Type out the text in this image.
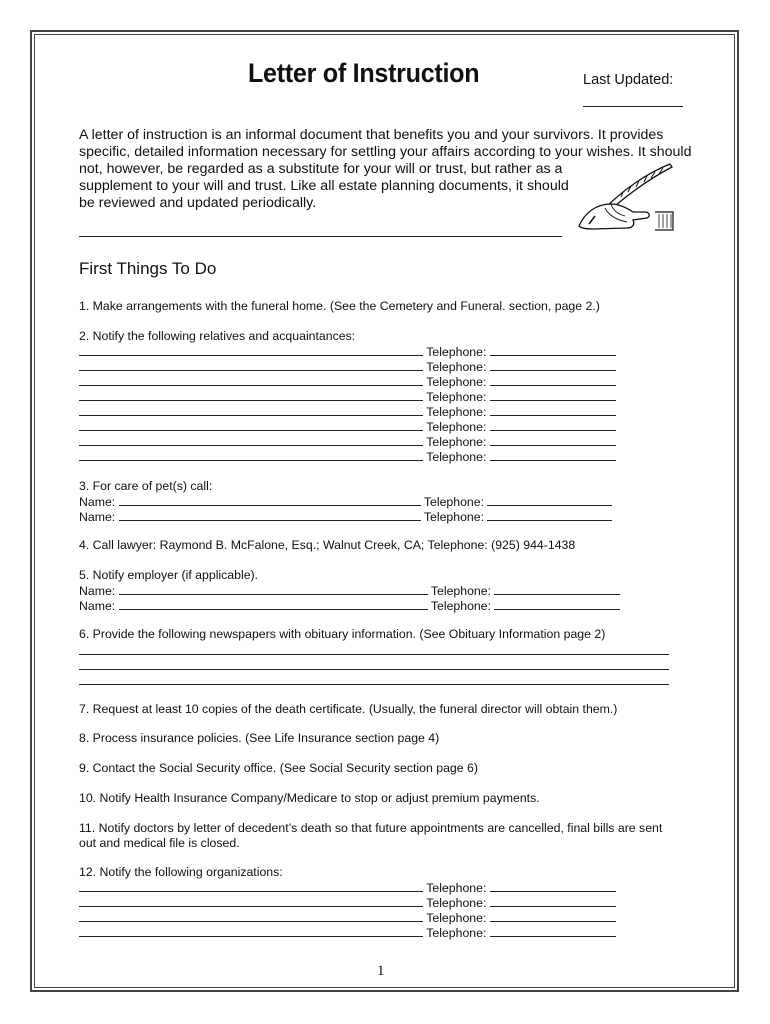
Letter of Instruction	Last Updated:
A letter of instruction is an informal document that benefits you and your survivors. It provides
specific, detailed information necessary for settling your affairs according to your wishes. It should
not, however, be regarded as a substitute for your will or trust, but rather as a
supplement to your will and trust. Like all estate planning documents, it should
be reviewed and updated periodically.
First Things To Do
1. Make arrangements with the funeral home. (See the Cemetery and Funeral. section, page 2.)
2. Notify the following relatives and acquaintances:
Telephone:
Telephone:
Telephone:
Telephone:
Telephone:
Telephone:
Telephone:
Telephone:
3. For care of pet(s) call:
Name:	Telephone:
Name:	Telephone:
4. Call lawyer: Raymond B. McFalone, Esq.; Walnut Creek, CA; Telephone: (925) 944-1438
5. Notify employer (if applicable).
Name:	Telephone:
Name:	Telephone:
6. Provide the following newspapers with obituary information. (See Obituary Information page 2)
7. Request at least 10 copies of the death certificate. (Usually, the funeral director will obtain them.)
8. Process insurance policies. (See Life Insurance section page 4)
9. Contact the Social Security office. (See Social Security section page 6)
10. Notify Health Insurance Company/Medicare to stop or adjust premium payments.
11. Notify doctors by letter of decedent’s death so that future appointments are cancelled, final bills are sent
out and medical file is closed.
12. Notify the following organizations:
Telephone:
Telephone:
Telephone:
Telephone:
1
